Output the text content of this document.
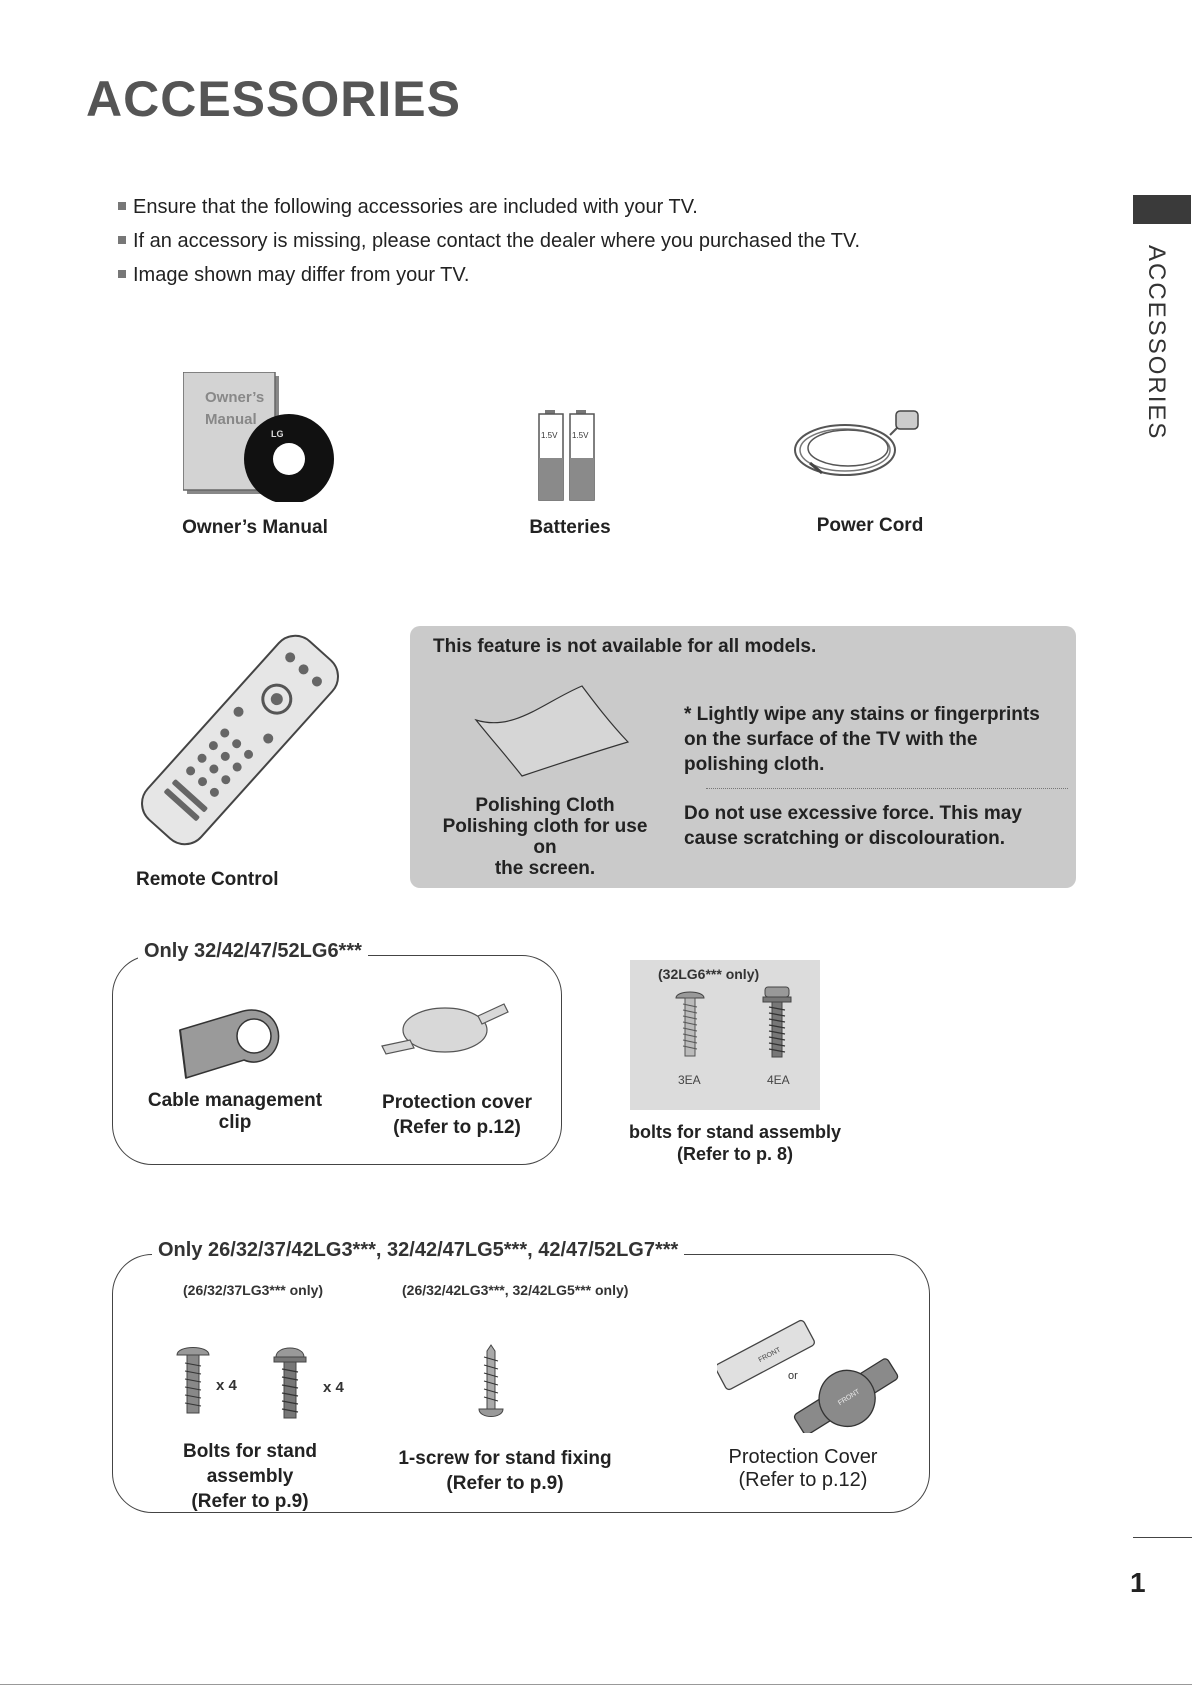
ACCESSORIES
Ensure that the following accessories are included with your TV.
If an accessory is missing, please contact the dealer where you purchased the TV.
Image shown may differ from your TV.	ACCESSORIES
Owner’s
Manual
LG
Owner’s Manual
1.5V 1.5V
Batteries	Power Cord
Remote Control
This feature is not available for all models.
Polishing Cloth
Polishing cloth for use on
the screen.
* Lightly wipe any stains or fingerprints on the surface of the TV with the polishing cloth.
Do not use excessive force. This may cause scratching or discolouration.
Only 32/42/47/52LG6***
Cable management clip
Protection cover
(Refer to p.12)
(32LG6*** only)
3EA	4EA
bolts for stand assembly
(Refer to p. 8)
Only 26/32/37/42LG3***, 32/42/47LG5***, 42/47/52LG7***
(26/32/37LG3*** only)	(26/32/42LG3***, 32/42LG5*** only)
x 4	x 4
Bolts for stand assembly
(Refer to p.9)
1-screw for stand fixing
(Refer to p.9)
FRONT
or
FRONT
Protection Cover
(Refer to p.12)
1
